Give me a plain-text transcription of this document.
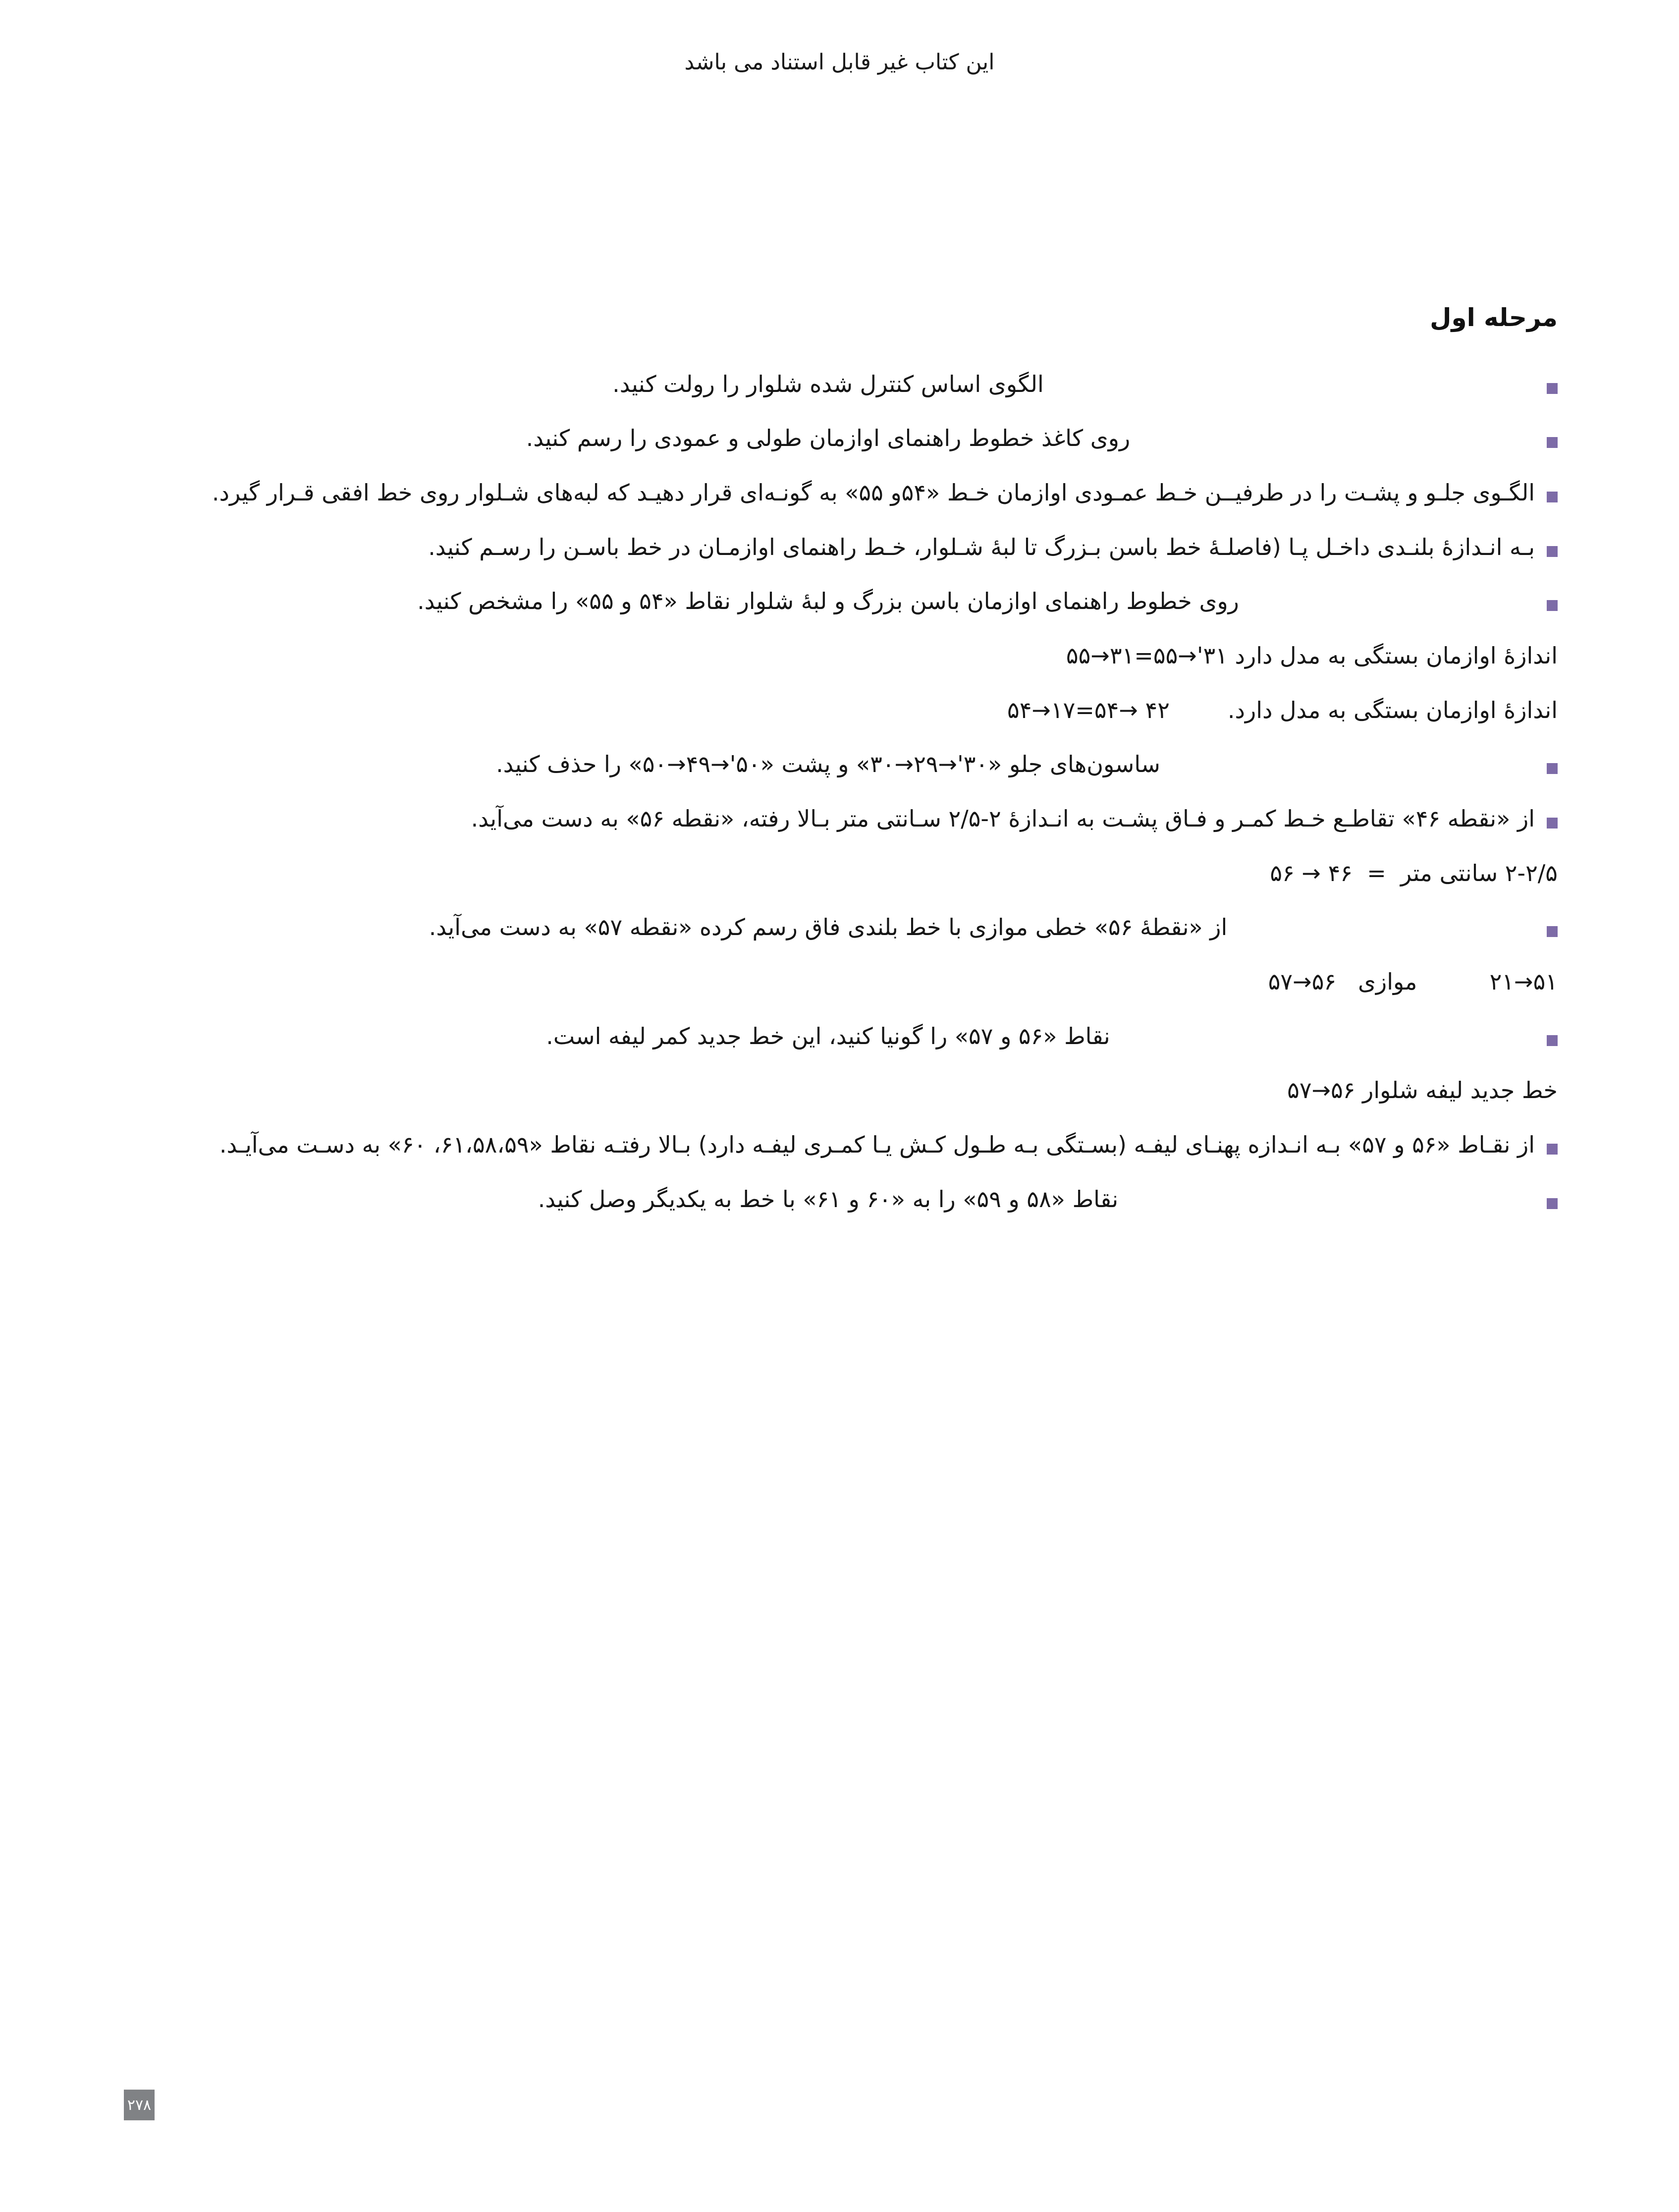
این کتاب غیر قابل استناد می باشد
مرحله اول

الگوی اساس کنترل شده شلوار را رولت کنید.

روی کاغذ خطوط راهنمای اوازمان طولی و عمودی را رسم کنید.

الگـوی جلـو و پشـت را در طرفیــن خـط عمـودی اوازمان خـط «۵۴و ۵۵» به گونـه‌ای قرار دهیـد که لبه‌های شـلوار روی خط افقی قـرار گیرد.

بـه انـدازۀ بلنـدی داخـل پـا (فاصلـۀ خط باسن بـزرگ تا لبۀ شـلوار، خـط راهنمای اوازمـان در خط باسـن را رسـم کنید.

روی خطوط راهنمای اوازمان باسن بزرگ و لبۀ شلوار نقاط «۵۴ و ۵۵» را مشخص کنید.

اندازۀ اوازمان بستگی به مدل دارد ۳۱'→۵۵=۳۱→۵۵

اندازۀ اوازمان بستگی به مدل دارد.        ۴۲ →۵۴=۱۷→۵۴

ساسون‌های جلو «۳۰'→۲۹→۳۰» و پشت «۵۰'→۴۹→۵۰» را حذف کنید.

از «نقطه ۴۶» تقاطـع خـط کمـر و فـاق پشـت به انـدازۀ ۲-۲/۵ سـانتی متر بـالا رفته، «نقطه ۵۶» به دست می‌آید.

۲-۲/۵ سانتی متر  =  ۴۶ → ۵۶

از «نقطۀ ۵۶» خطی موازی با خط بلندی فاق رسم کرده «نقطه ۵۷» به دست می‌آید.

۵۱→۲۱          موازی   ۵۶→۵۷

نقاط «۵۶ و ۵۷» را گونیا کنید، این خط جدید کمر لیفه است.

خط جدید لیفه شلوار ۵۶→۵۷

از نقـاط «۵۶ و ۵۷» بـه انـدازه پهنـای لیفـه (بسـتگی بـه طـول کـش یـا کمـری لیفـه دارد) بـالا رفتـه نقاط «۶۱،۵۸،۵۹، ۶۰» به دسـت می‌آیـد.

نقاط «۵۸ و ۵۹» را به «۶۰ و ۶۱» با خط به یکدیگر وصل کنید.

۲۷۸
